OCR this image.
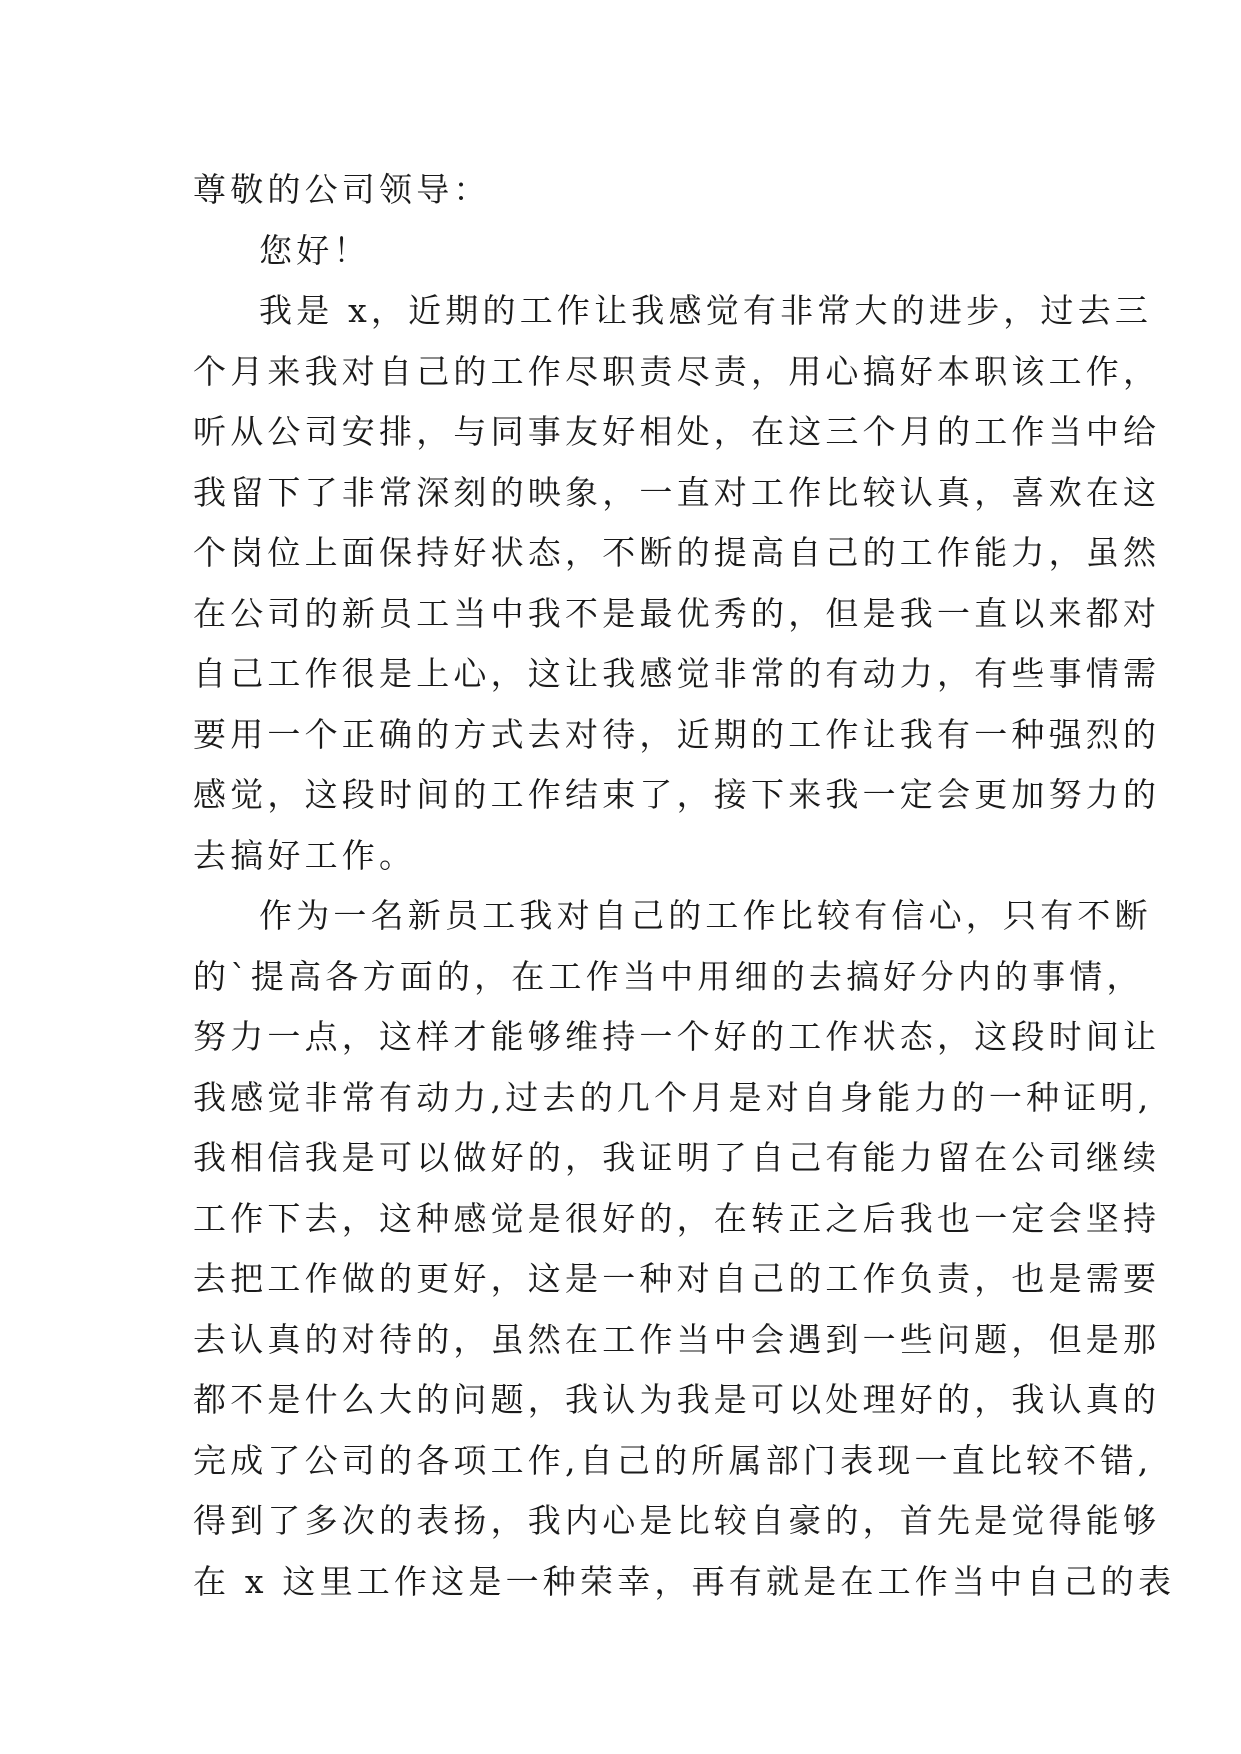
尊敬的公司领导：
您好！
我是 x，近期的工作让我感觉有非常大的进步，过去三
个月来我对自己的工作尽职责尽责，用心搞好本职该工作，
听从公司安排，与同事友好相处，在这三个月的工作当中给
我留下了非常深刻的映象，一直对工作比较认真，喜欢在这
个岗位上面保持好状态，不断的提高自己的工作能力，虽然
在公司的新员工当中我不是最优秀的，但是我一直以来都对
自己工作很是上心，这让我感觉非常的有动力，有些事情需
要用一个正确的方式去对待，近期的工作让我有一种强烈的
感觉，这段时间的工作结束了，接下来我一定会更加努力的
去搞好工作。
作为一名新员工我对自己的工作比较有信心，只有不断
的`提高各方面的，在工作当中用细的去搞好分内的事情，
努力一点，这样才能够维持一个好的工作状态，这段时间让
我感觉非常有动力,过去的几个月是对自身能力的一种证明,
我相信我是可以做好的，我证明了自己有能力留在公司继续
工作下去，这种感觉是很好的，在转正之后我也一定会坚持
去把工作做的更好，这是一种对自己的工作负责，也是需要
去认真的对待的，虽然在工作当中会遇到一些问题，但是那
都不是什么大的问题，我认为我是可以处理好的，我认真的
完成了公司的各项工作,自己的所属部门表现一直比较不错,
得到了多次的表扬，我内心是比较自豪的，首先是觉得能够
在 x 这里工作这是一种荣幸，再有就是在工作当中自己的表
